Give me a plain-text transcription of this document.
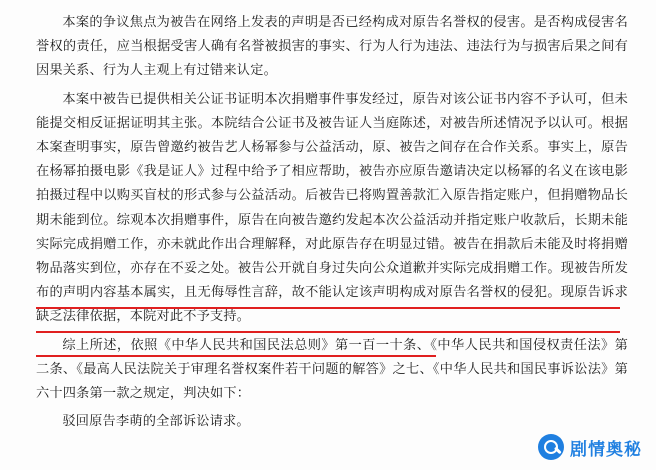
本案的争议焦点为被告在网络上发表的声明是否已经构成对原告名誉权的侵害。是否构成侵害名誉权的责任，应当根据受害人确有名誉被损害的事实、行为人行为违法、违法行为与损害后果之间有因果关系、行为人主观上有过错来认定。

本案中被告已提供相关公证书证明本次捐赠事件事发经过，原告对该公证书内容不予认可，但未能提交相反证据证明其主张。本院结合公证书及被告证人当庭陈述，对被告所述情况予以认可。根据本案查明事实，原告曾邀约被告艺人杨幂参与公益活动，原、被告之间存在合作关系。事实上，原告在杨幂拍摄电影《我是证人》过程中给予了相应帮助，被告亦应原告邀请决定以杨幂的名义在该电影拍摄过程中以购买盲杖的形式参与公益活动。后被告已将购置善款汇入原告指定账户，但捐赠物品长期未能到位。综观本次捐赠事件，原告在向被告邀约发起本次公益活动并指定账户收款后，长期未能实际完成捐赠工作，亦未就此作出合理解释，对此原告存在明显过错。被告在捐款后未能及时将捐赠物品落实到位，亦存在不妥之处。被告公开就自身过失向公众道歉并实际完成捐赠工作。现被告所发布的声明内容基本属实，且无侮辱性言辞，故不能认定该声明构成对原告名誉权的侵犯。现原告诉求缺乏法律依据，本院对此不予支持。

综上所述，依照《中华人民共和国民法总则》第一百一十条、《中华人民共和国侵权责任法》第二条、《最高人民法院关于审理名誉权案件若干问题的解答》之七、《中华人民共和国民事诉讼法》第六十四条第一款之规定，判决如下：

驳回原告李萌的全部诉讼请求。

剧情奥秘
